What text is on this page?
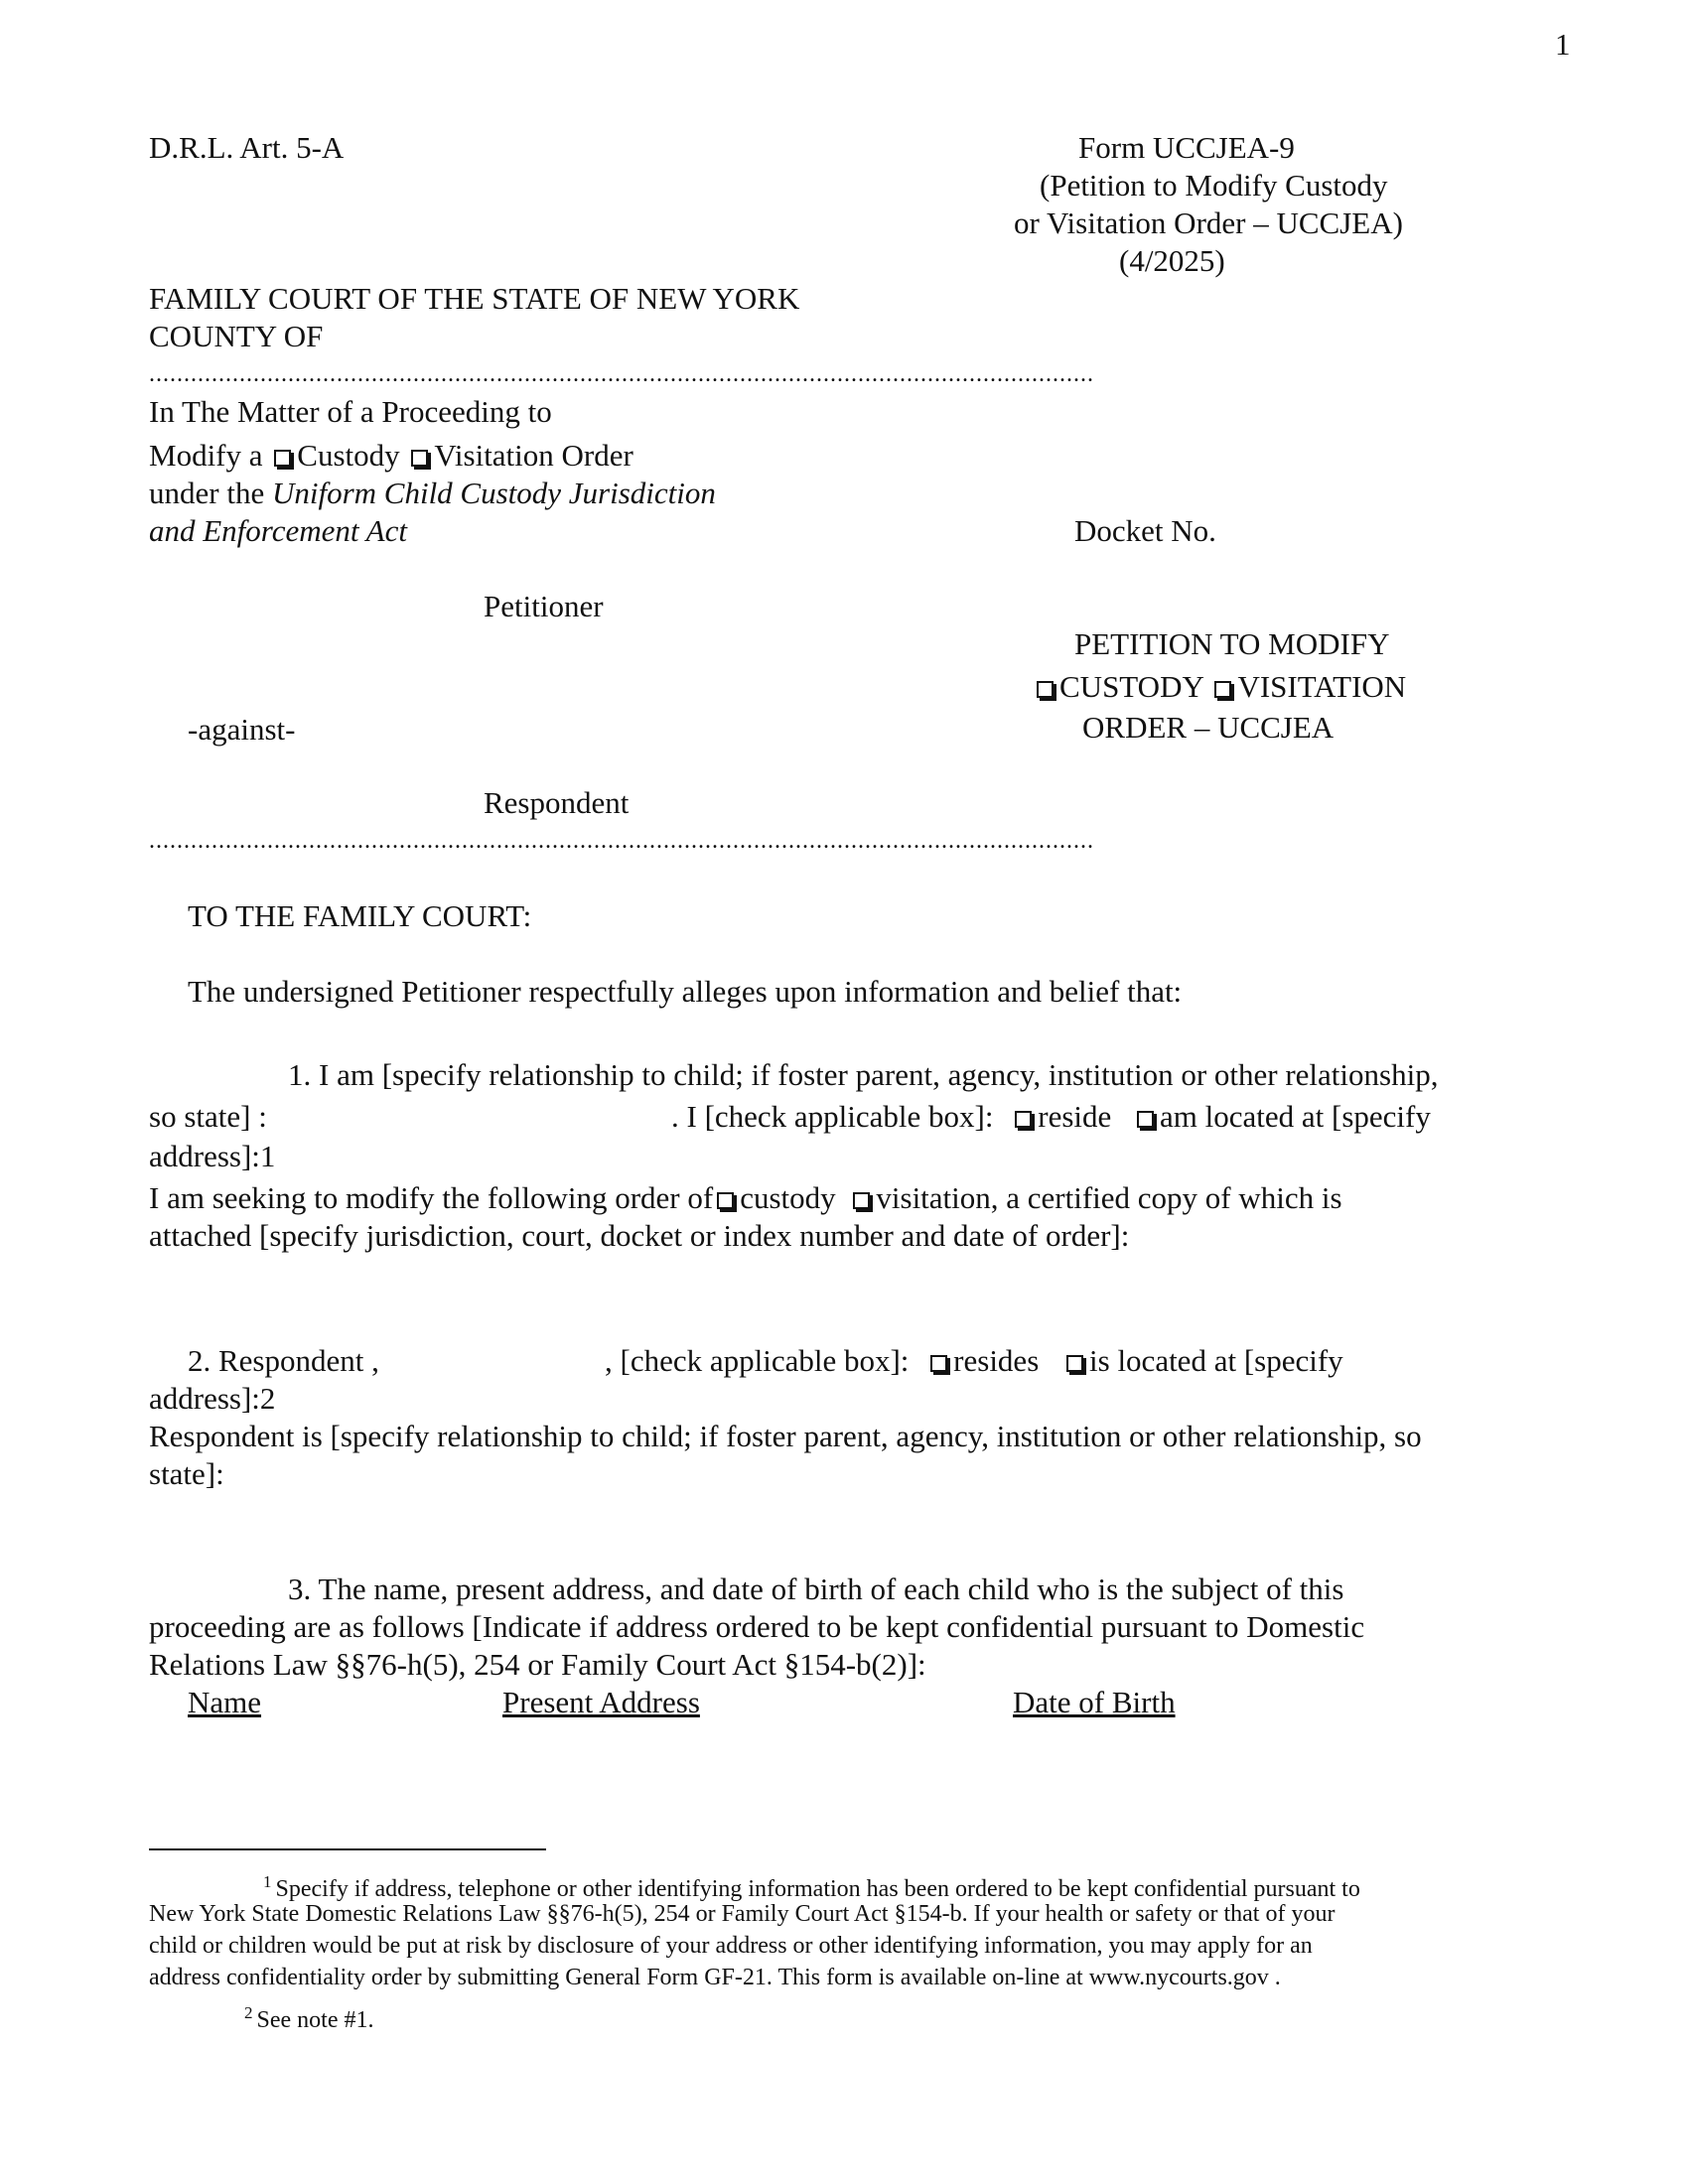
1
D.R.L. Art. 5-A	Form UCCJEA-9
(Petition to Modify Custody
or Visitation Order – UCCJEA)
(4/2025)
FAMILY COURT OF THE STATE OF NEW YORK
COUNTY OF
........................................................................................................................................
In The Matter of a Proceeding to
Modify a Custody Visitation Order
under the Uniform Child Custody Jurisdiction
and Enforcement Act
Petitioner
-against-
Respondent
........................................................................................................................................
Docket No.
PETITION TO MODIFY
CUSTODY VISITATION
ORDER – UCCJEA
TO THE FAMILY COURT:
The undersigned Petitioner respectfully alleges upon information and belief that:
1. I am [specify relationship to child; if foster parent, agency, institution or other relationship,
so state] :	. I [check applicable box]: reside am located at [specify
address]:1
I am seeking to modify the following order of custody visitation, a certified copy of which is
attached [specify jurisdiction, court, docket or index number and date of order]:
2. Respondent ,	, [check applicable box]: resides is located at [specify
address]:2
Respondent is [specify relationship to child; if foster parent, agency, institution or other relationship, so
state]:
3. The name, present address, and date of birth of each child who is the subject of this
proceeding are as follows [Indicate if address ordered to be kept confidential pursuant to Domestic
Relations Law §§76-h(5), 254 or Family Court Act §154-b(2)]:
Name	Present Address	Date of Birth
$^1$ Specify if address, telephone or other identifying information has been ordered to be kept confidential pursuant to
New York State Domestic Relations Law §§76-h(5), 254 or Family Court Act §154-b. If your health or safety or that of your
child or children would be put at risk by disclosure of your address or other identifying information, you may apply for an
address confidentiality order by submitting General Form GF-21. This form is available on-line at www.nycourts.gov .
$^2$ See note #1.
